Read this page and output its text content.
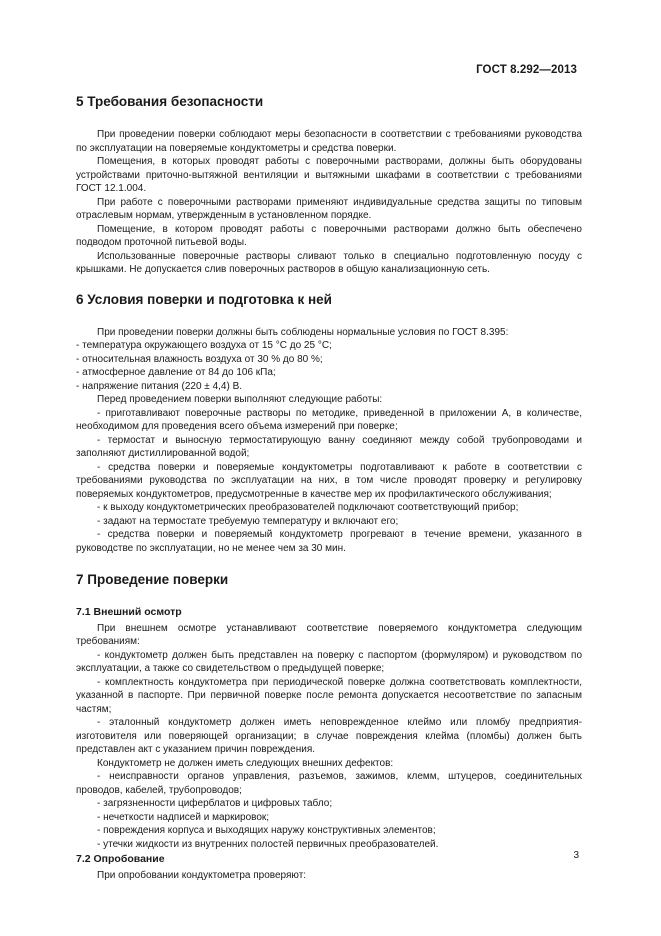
ГОСТ 8.292—2013
5 Требования безопасности

При проведении поверки соблюдают меры безопасности в соответствии с требованиями руководства по эксплуатации на поверяемые кондуктометры и средства поверки.

Помещения, в которых проводят работы с поверочными растворами, должны быть оборудованы устройствами приточно-вытяжной вентиляции и вытяжными шкафами в соответствии с требованиями ГОСТ 12.1.004.

При работе с поверочными растворами применяют индивидуальные средства защиты по типовым отраслевым нормам, утвержденным в установленном порядке.

Помещение, в котором проводят работы с поверочными растворами должно быть обеспечено подводом проточной питьевой воды.

Использованные поверочные растворы сливают только в специально подготовленную посуду с крышками. Не допускается слив поверочных растворов в общую канализационную сеть.

6 Условия поверки и подготовка к ней

При проведении поверки должны быть соблюдены нормальные условия по ГОСТ 8.395:

- температура окружающего воздуха от 15 °С до 25 °С;

- относительная влажность воздуха от 30 % до 80 %;

- атмосферное давление от 84 до 106 кПа;

- напряжение питания (220 ± 4,4) В.

Перед проведением поверки выполняют следующие работы:

- приготавливают поверочные растворы по методике, приведенной в приложении А, в количестве, необходимом для проведения всего объема измерений при поверке;

- термостат и выносную термостатирующую ванну соединяют между собой трубопроводами и заполняют дистиллированной водой;

- средства поверки и поверяемые кондуктометры подготавливают к работе в соответствии с требованиями руководства по эксплуатации на них, в том числе проводят проверку и регулировку поверяемых кондуктометров, предусмотренные в качестве мер их профилактического обслуживания;

- к выходу кондуктометрических преобразователей подключают соответствующий прибор;

- задают на термостате требуемую температуру и включают его;

- средства поверки и поверяемый кондуктометр прогревают в течение времени, указанного в руководстве по эксплуатации, но не менее чем за 30 мин.

7 Проведение поверки
7.1 Внешний осмотр

При внешнем осмотре устанавливают соответствие поверяемого кондуктометра следующим требованиям:

- кондуктометр должен быть представлен на поверку с паспортом (формуляром) и руководством по эксплуатации, а также со свидетельством о предыдущей поверке;

- комплектность кондуктометра при периодической поверке должна соответствовать комплектности, указанной в паспорте. При первичной поверке после ремонта допускается несоответствие по запасным частям;

- эталонный кондуктометр должен иметь неповрежденное клеймо или пломбу предприятия-изготовителя или поверяющей организации; в случае повреждения клейма (пломбы) должен быть представлен акт с указанием причин повреждения.

Кондуктометр не должен иметь следующих внешних дефектов:

- неисправности органов управления, разъемов, зажимов, клемм, штуцеров, соединительных проводов, кабелей, трубопроводов;

- загрязненности циферблатов и цифровых табло;

- нечеткости надписей и маркировок;

- повреждения корпуса и выходящих наружу конструктивных элементов;

- утечки жидкости из внутренних полостей первичных преобразователей.

7.2 Опробование

При опробовании кондуктометра проверяют:

3
